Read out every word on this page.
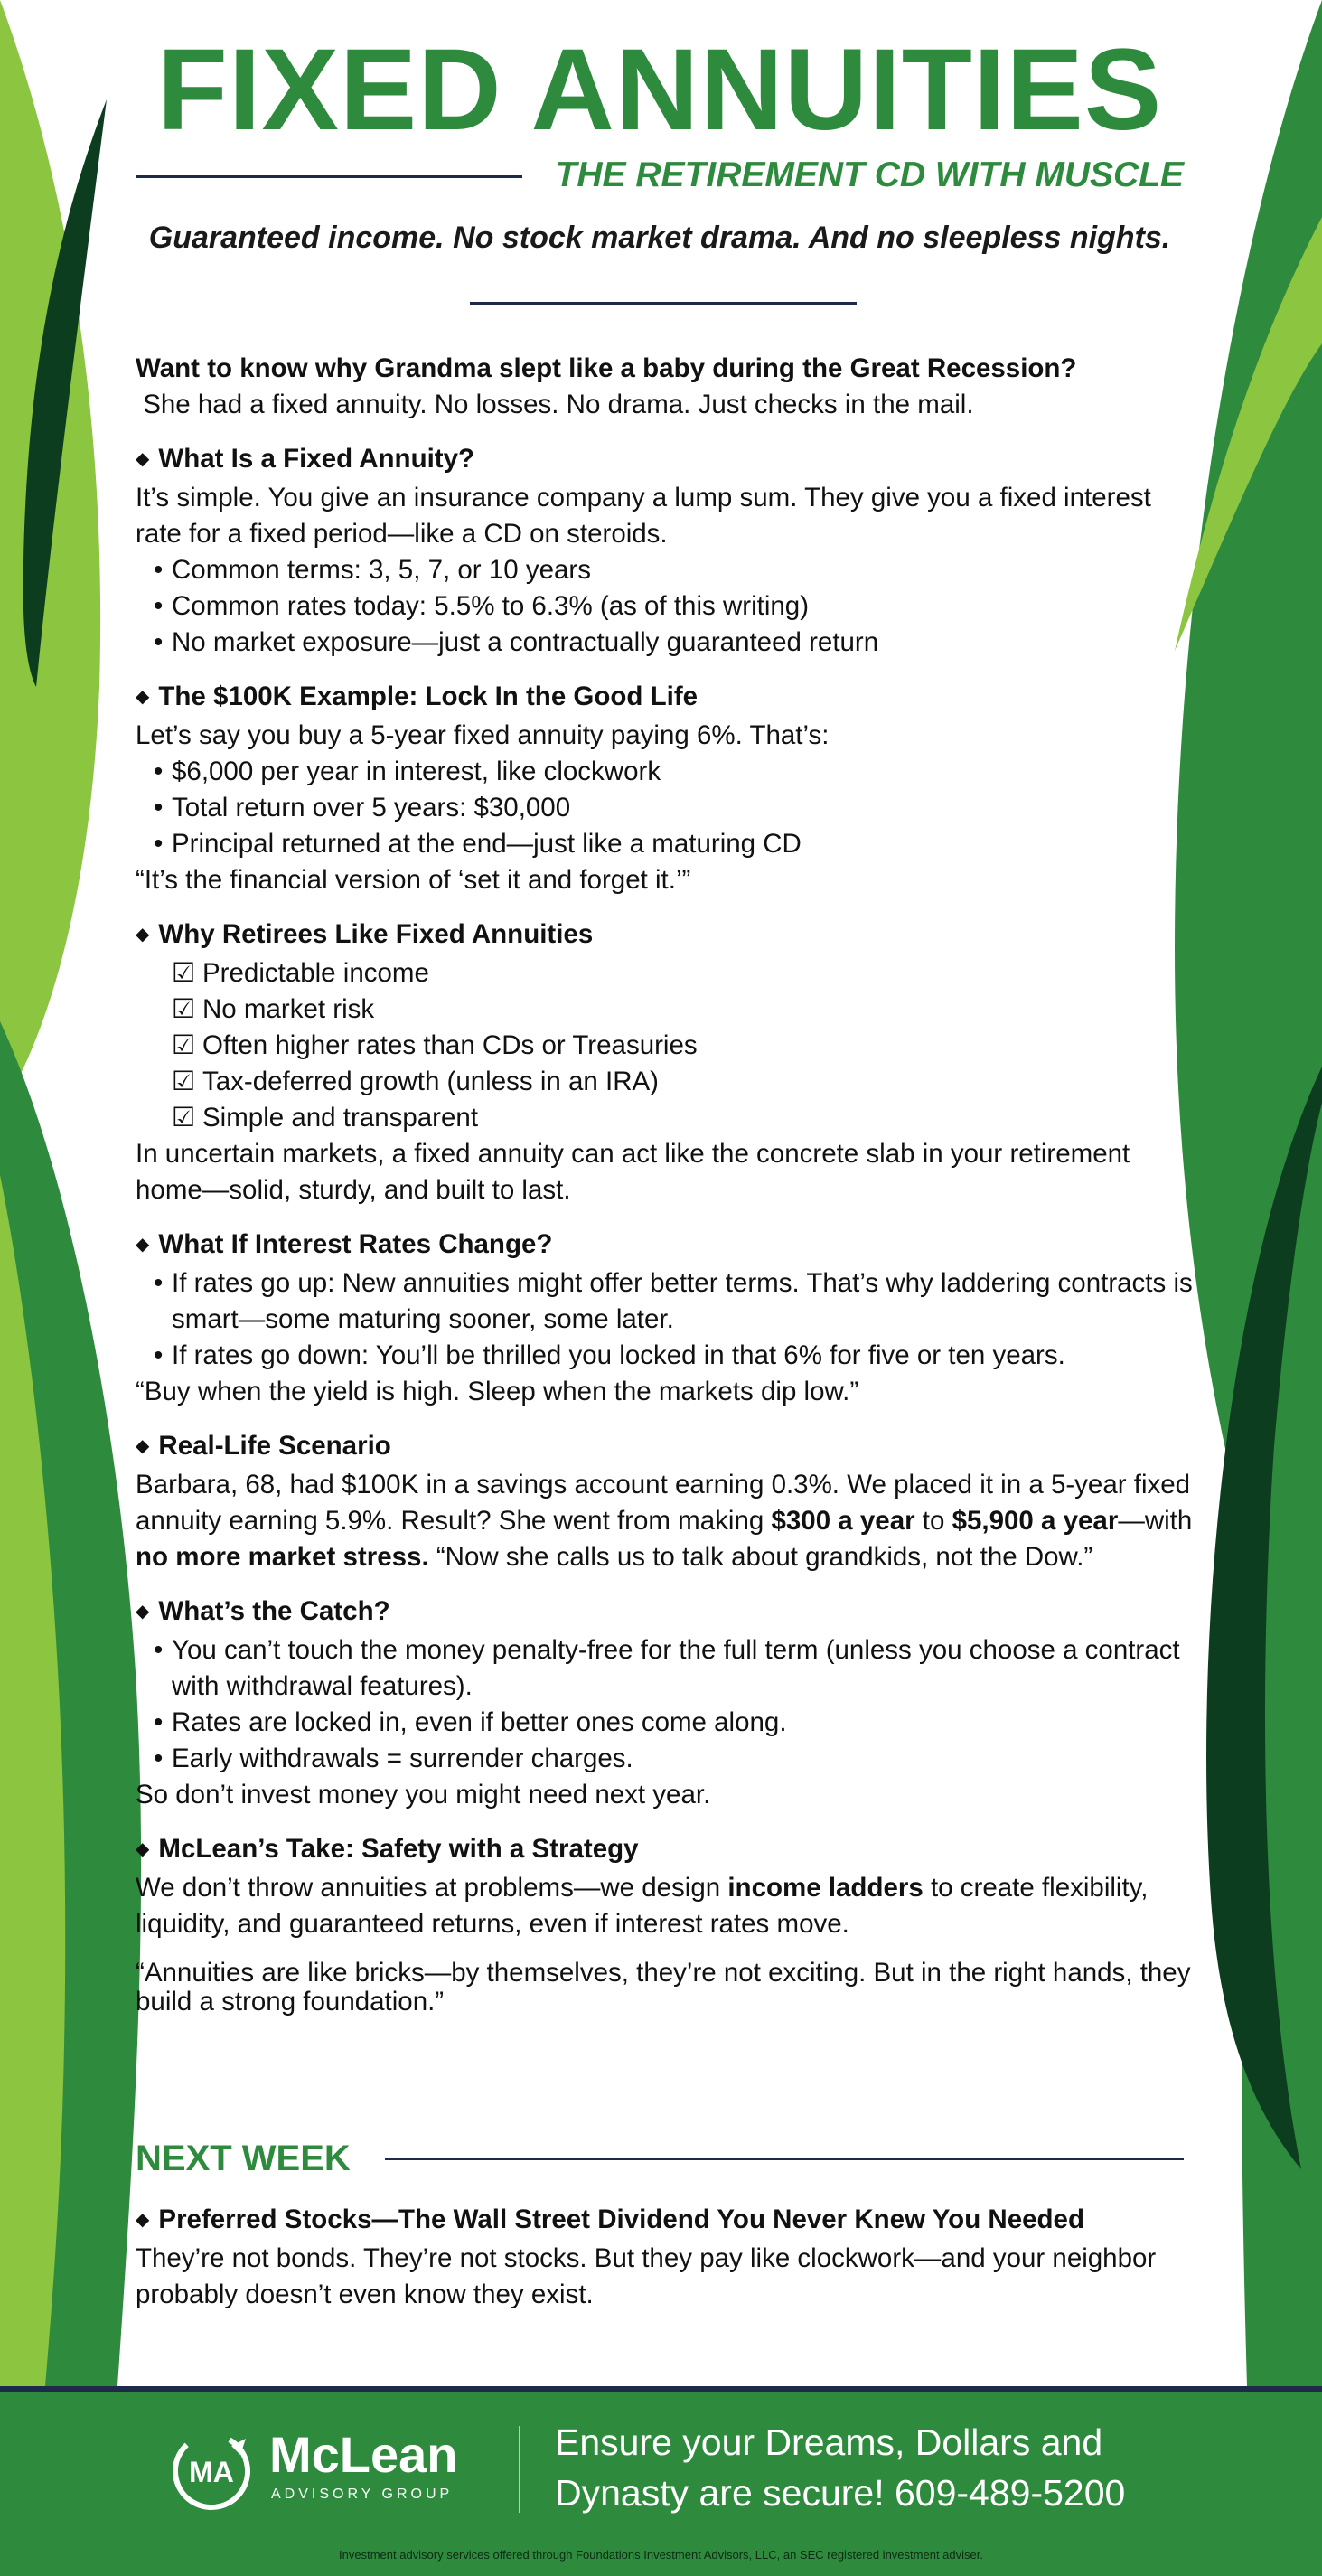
FIXED ANNUITIES
THE RETIREMENT CD WITH MUSCLE
Guaranteed income. No stock market drama. And no sleepless nights.

Want to know why Grandma slept like a baby during the Great Recession?

She had a fixed annuity. No losses. No drama. Just checks in the mail.

◆ What Is a Fixed Annuity?

It’s simple. You give an insurance company a lump sum. They give you a fixed interest rate for a fixed period—like a CD on steroids.

• Common terms: 3, 5, 7, or 10 years
• Common rates today: 5.5% to 6.3% (as of this writing)
• No market exposure—just a contractually guaranteed return

◆ The $100K Example: Lock In the Good Life

Let’s say you buy a 5-year fixed annuity paying 6%. That’s:

• $6,000 per year in interest, like clockwork
• Total return over 5 years: $30,000
• Principal returned at the end—just like a maturing CD

“It’s the financial version of ‘set it and forget it.’”

◆ Why Retirees Like Fixed Annuities

☑ Predictable income
☑ No market risk
☑ Often higher rates than CDs or Treasuries
☑ Tax-deferred growth (unless in an IRA)
☑ Simple and transparent

In uncertain markets, a fixed annuity can act like the concrete slab in your retirement home—solid, sturdy, and built to last.

◆ What If Interest Rates Change?

• If rates go up: New annuities might offer better terms. That’s why laddering contracts is smart—some maturing sooner, some later.
• If rates go down: You’ll be thrilled you locked in that 6% for five or ten years.

“Buy when the yield is high. Sleep when the markets dip low.”

◆ Real-Life Scenario

Barbara, 68, had $100K in a savings account earning 0.3%. We placed it in a 5-year fixed annuity earning 5.9%. Result? She went from making $300 a year to $5,900 a year—with no more market stress. “Now she calls us to talk about grandkids, not the Dow.”

◆ What’s the Catch?

• You can’t touch the money penalty-free for the full term (unless you choose a contract with withdrawal features).
• Rates are locked in, even if better ones come along.
• Early withdrawals = surrender charges.

So don’t invest money you might need next year.

◆ McLean’s Take: Safety with a Strategy

We don’t throw annuities at problems—we design income ladders to create flexibility, liquidity, and guaranteed returns, even if interest rates move.

“Annuities are like bricks—by themselves, they’re not exciting. But in the right hands, they build a strong foundation.”

NEXT WEEK

◆ Preferred Stocks—The Wall Street Dividend You Never Knew You Needed

They’re not bonds. They’re not stocks. But they pay like clockwork—and your neighbor probably doesn’t even know they exist.

MA McLean
ADVISORY GROUP
Ensure your Dreams, Dollars and
Dynasty are secure! 609-489-5200
Investment advisory services offered through Foundations Investment Advisors, LLC, an SEC registered investment adviser.
